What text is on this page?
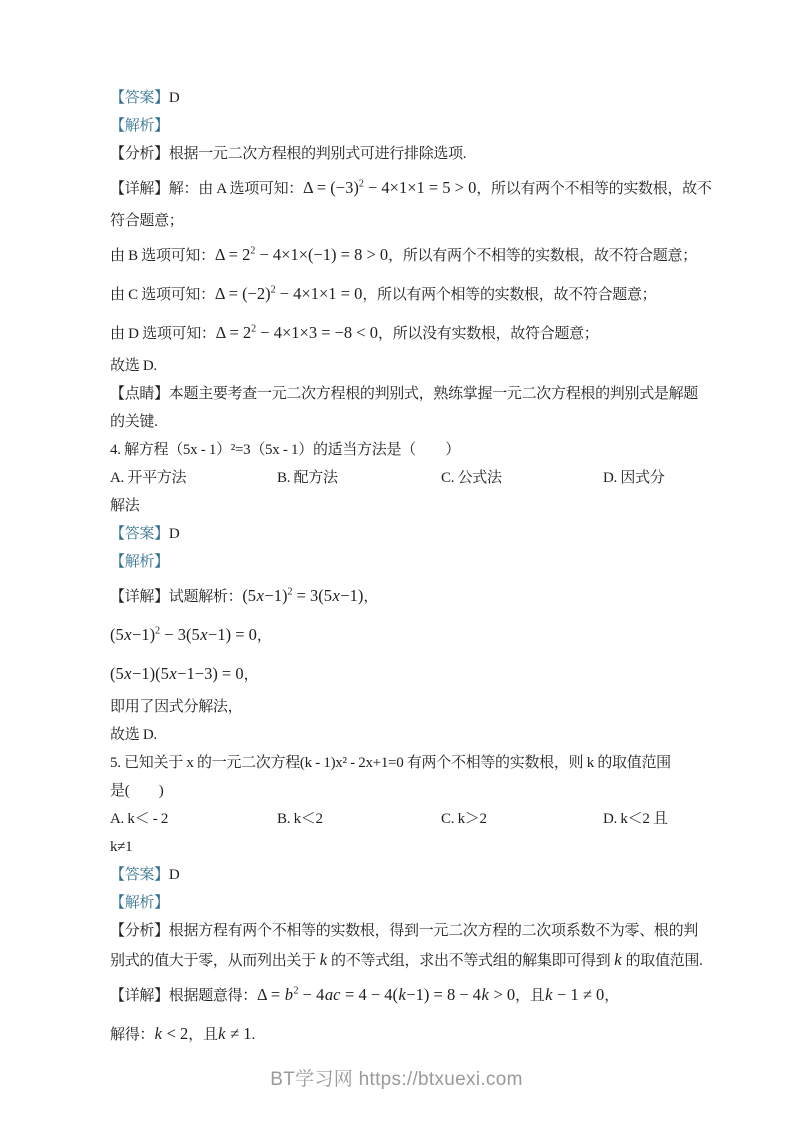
【答案】D
【解析】
【分析】根据一元二次方程根的判别式可进行排除选项.
【详解】解：由 A 选项可知：$\Delta = (-3)^2 - 4\times 1\times 1 = 5 > 0$，所以有两个不相等的实数根，故不
符合题意；
由 B 选项可知：$\Delta = 2^2 - 4\times 1\times(-1) = 8 > 0$，所以有两个不相等的实数根，故不符合题意；
由 C 选项可知：$\Delta = (-2)^2 - 4\times 1\times 1 = 0$，所以有两个相等的实数根，故不符合题意；
由 D 选项可知：$\Delta = 2^2 - 4\times 1\times 3 = -8 < 0$，所以没有实数根，故符合题意；
故选 D.
【点睛】本题主要考查一元二次方程根的判别式，熟练掌握一元二次方程根的判别式是解题
的关键.
4. 解方程（5x - 1）²=3（5x - 1）的适当方法是（　　）
A. 开平方法	B. 配方法	C. 公式法	D. 因式分
解法
【答案】D
【解析】
【详解】试题解析：$(5x-1)^2 = 3(5x-1)$，
$(5x-1)^2 - 3(5x-1) = 0$，
(5x−1)(5x−1−3) = 0，
即用了因式分解法，
故选 D.
5. 已知关于 x 的一元二次方程(k - 1)x² - 2x+1=0 有两个不相等的实数根，则 k 的取值范围
是(　　)
A. k＜ - 2	B. k＜2	C. k＞2	D. k＜2 且
k≠1
【答案】D
【解析】
【分析】根据方程有两个不相等的实数根，得到一元二次方程的二次项系数不为零、根的判
别式的值大于零，从而列出关于 k 的不等式组，求出不等式组的解集即可得到 k 的取值范围.
【详解】根据题意得：$\Delta = b^2 - 4ac = 4 - 4(k-1) = 8 - 4k > 0$，且k − 1 ≠ 0，
解得：k < 2，且k ≠ 1.
BT学习网 https://btxuexi.com
